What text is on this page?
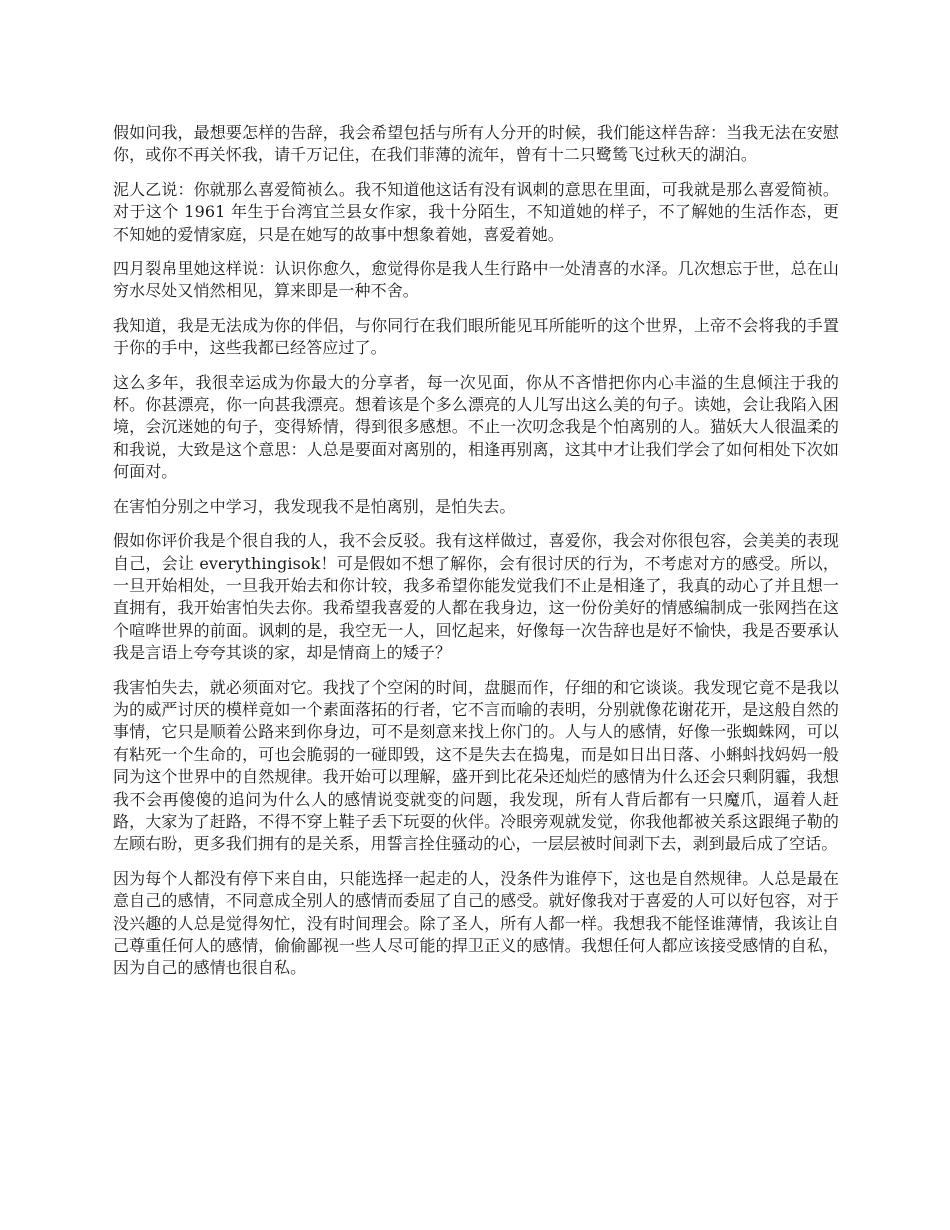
假如问我，最想要怎样的告辞，我会希望包括与所有人分开的时候，我们能这样告辞：当我无法在安慰你，或你不再关怀我，请千万记住，在我们菲薄的流年，曾有十二只鹭鸶飞过秋天的湖泊。

泥人乙说：你就那么喜爱简祯么。我不知道他这话有没有讽刺的意思在里面，可我就是那么喜爱简祯。对于这个 1961 年生于台湾宜兰县女作家，我十分陌生，不知道她的样子，不了解她的生活作态，更不知她的爱情家庭，只是在她写的故事中想象着她，喜爱着她。

四月裂帛里她这样说：认识你愈久，愈觉得你是我人生行路中一处清喜的水泽。几次想忘于世，总在山穷水尽处又悄然相见，算来即是一种不舍。

我知道，我是无法成为你的伴侣，与你同行在我们眼所能见耳所能听的这个世界，上帝不会将我的手置于你的手中，这些我都已经答应过了。

这么多年，我很幸运成为你最大的分享者，每一次见面，你从不吝惜把你内心丰溢的生息倾注于我的杯。你甚漂亮，你一向甚我漂亮。想着该是个多么漂亮的人儿写出这么美的句子。读她，会让我陷入困境，会沉迷她的句子，变得矫情，得到很多感想。不止一次叨念我是个怕离别的人。猫妖大人很温柔的和我说，大致是这个意思：人总是要面对离别的，相逢再别离，这其中才让我们学会了如何相处下次如何面对。

在害怕分别之中学习，我发现我不是怕离别，是怕失去。

假如你评价我是个很自我的人，我不会反驳。我有这样做过，喜爱你，我会对你很包容，会美美的表现自己，会让 everythingisok！可是假如不想了解你，会有很讨厌的行为，不考虑对方的感受。所以，一旦开始相处，一旦我开始去和你计较，我多希望你能发觉我们不止是相逢了，我真的动心了并且想一直拥有，我开始害怕失去你。我希望我喜爱的人都在我身边，这一份份美好的情感编制成一张网挡在这个喧哗世界的前面。讽刺的是，我空无一人，回忆起来，好像每一次告辞也是好不愉快，我是否要承认我是言语上夸夸其谈的家，却是情商上的矮子？

我害怕失去，就必须面对它。我找了个空闲的时间，盘腿而作，仔细的和它谈谈。我发现它竟不是我以为的威严讨厌的模样竟如一个素面落拓的行者，它不言而喻的表明，分别就像花谢花开，是这般自然的事情，它只是顺着公路来到你身边，可不是刻意来找上你门的。人与人的感情，好像一张蜘蛛网，可以有粘死一个生命的，可也会脆弱的一碰即毁，这不是失去在捣鬼，而是如日出日落、小蝌蚪找妈妈一般同为这个世界中的自然规律。我开始可以理解，盛开到比花朵还灿烂的感情为什么还会只剩阴霾，我想我不会再傻傻的追问为什么人的感情说变就变的问题，我发现，所有人背后都有一只魔爪，逼着人赶路，大家为了赶路，不得不穿上鞋子丢下玩耍的伙伴。冷眼旁观就发觉，你我他都被关系这跟绳子勒的左顾右盼，更多我们拥有的是关系，用誓言拴住骚动的心，一层层被时间剥下去，剥到最后成了空话。

因为每个人都没有停下来自由，只能选择一起走的人，没条件为谁停下，这也是自然规律。人总是最在意自己的感情，不同意成全别人的感情而委屈了自己的感受。就好像我对于喜爱的人可以好包容，对于没兴趣的人总是觉得匆忙，没有时间理会。除了圣人，所有人都一样。我想我不能怪谁薄情，我该让自己尊重任何人的感情，偷偷鄙视一些人尽可能的捍卫正义的感情。我想任何人都应该接受感情的自私，因为自己的感情也很自私。
